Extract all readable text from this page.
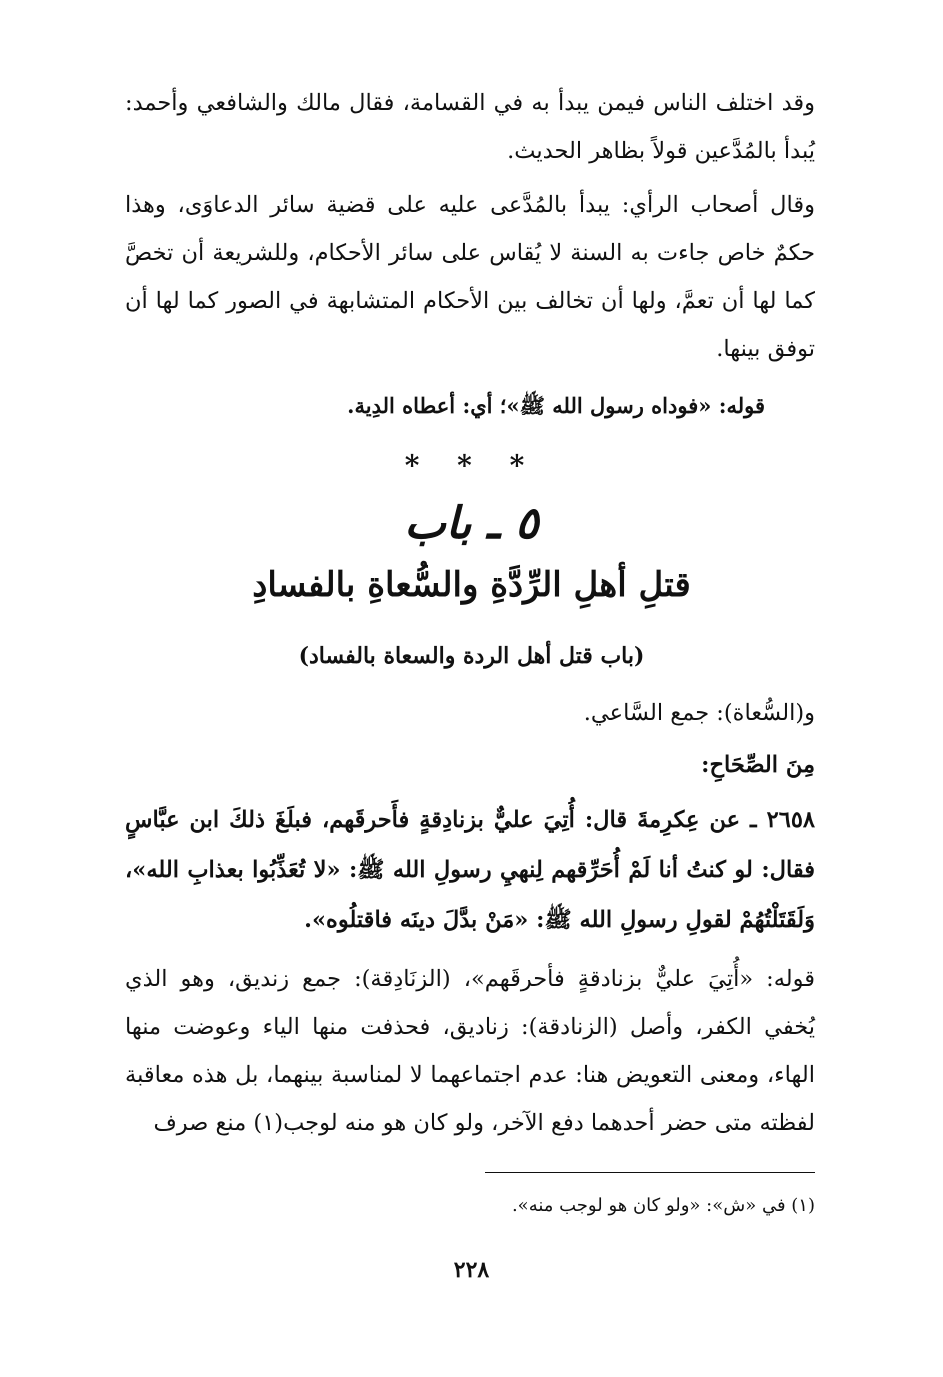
وقد اختلف الناس فيمن يبدأ به في القسامة، فقال مالك والشافعي وأحمد: يُبدأ بالمُدَّعين قولاً بظاهر الحديث.

وقال أصحاب الرأي: يبدأ بالمُدَّعى عليه على قضية سائر الدعاوَى، وهذا حكمٌ خاص جاءت به السنة لا يُقاس على سائر الأحكام، وللشريعة أن تخصَّ كما لها أن تعمَّ، ولها أن تخالف بين الأحكام المتشابهة في الصور كما لها أن توفق بينها.

قوله: «فوداه رسول الله ﷺ»؛ أي: أعطاه الدِية.

* * *
٥ ـ باب
قتلِ أهلِ الرِّدَّةِ والسُّعاةِ بالفسادِ
(باب قتل أهل الردة والسعاة بالفساد)

و(السُّعاة): جمع السَّاعي.

مِنَ الصِّحَاحِ:

٢٦٥٨ ـ عن عِكرِمةَ قال: أُتِيَ عليٌّ بزنادِقةٍ فأَحرقَهم، فبلَغَ ذلكَ ابن عبَّاسٍ فقال: لو كنتُ أنا لَمْ أُحَرِّقهم لِنهيِ رسولِ الله ﷺ: «لا تُعَذِّبُوا بعذابِ الله»، وَلَقَتَلْتُهُمْ لقولِ رسولِ الله ﷺ: «مَنْ بدَّلَ دينَه فاقتلُوه».

قوله: «أُتِيَ عليٌّ بزنادقةٍ فأحرقَهم»، (الزنَادِقة): جمع زنديق، وهو الذي يُخفي الكفر، وأصل (الزنادقة): زناديق، فحذفت منها الياء وعوضت منها الهاء، ومعنى التعويض هنا: عدم اجتماعهما لا لمناسبة بينهما، بل هذه معاقبة لفظته متى حضر أحدهما دفع الآخر، ولو كان هو منه لوجب(١) منع صرف

(١) في «ش»: «ولو كان هو لوجب منه».

٢٢٨
